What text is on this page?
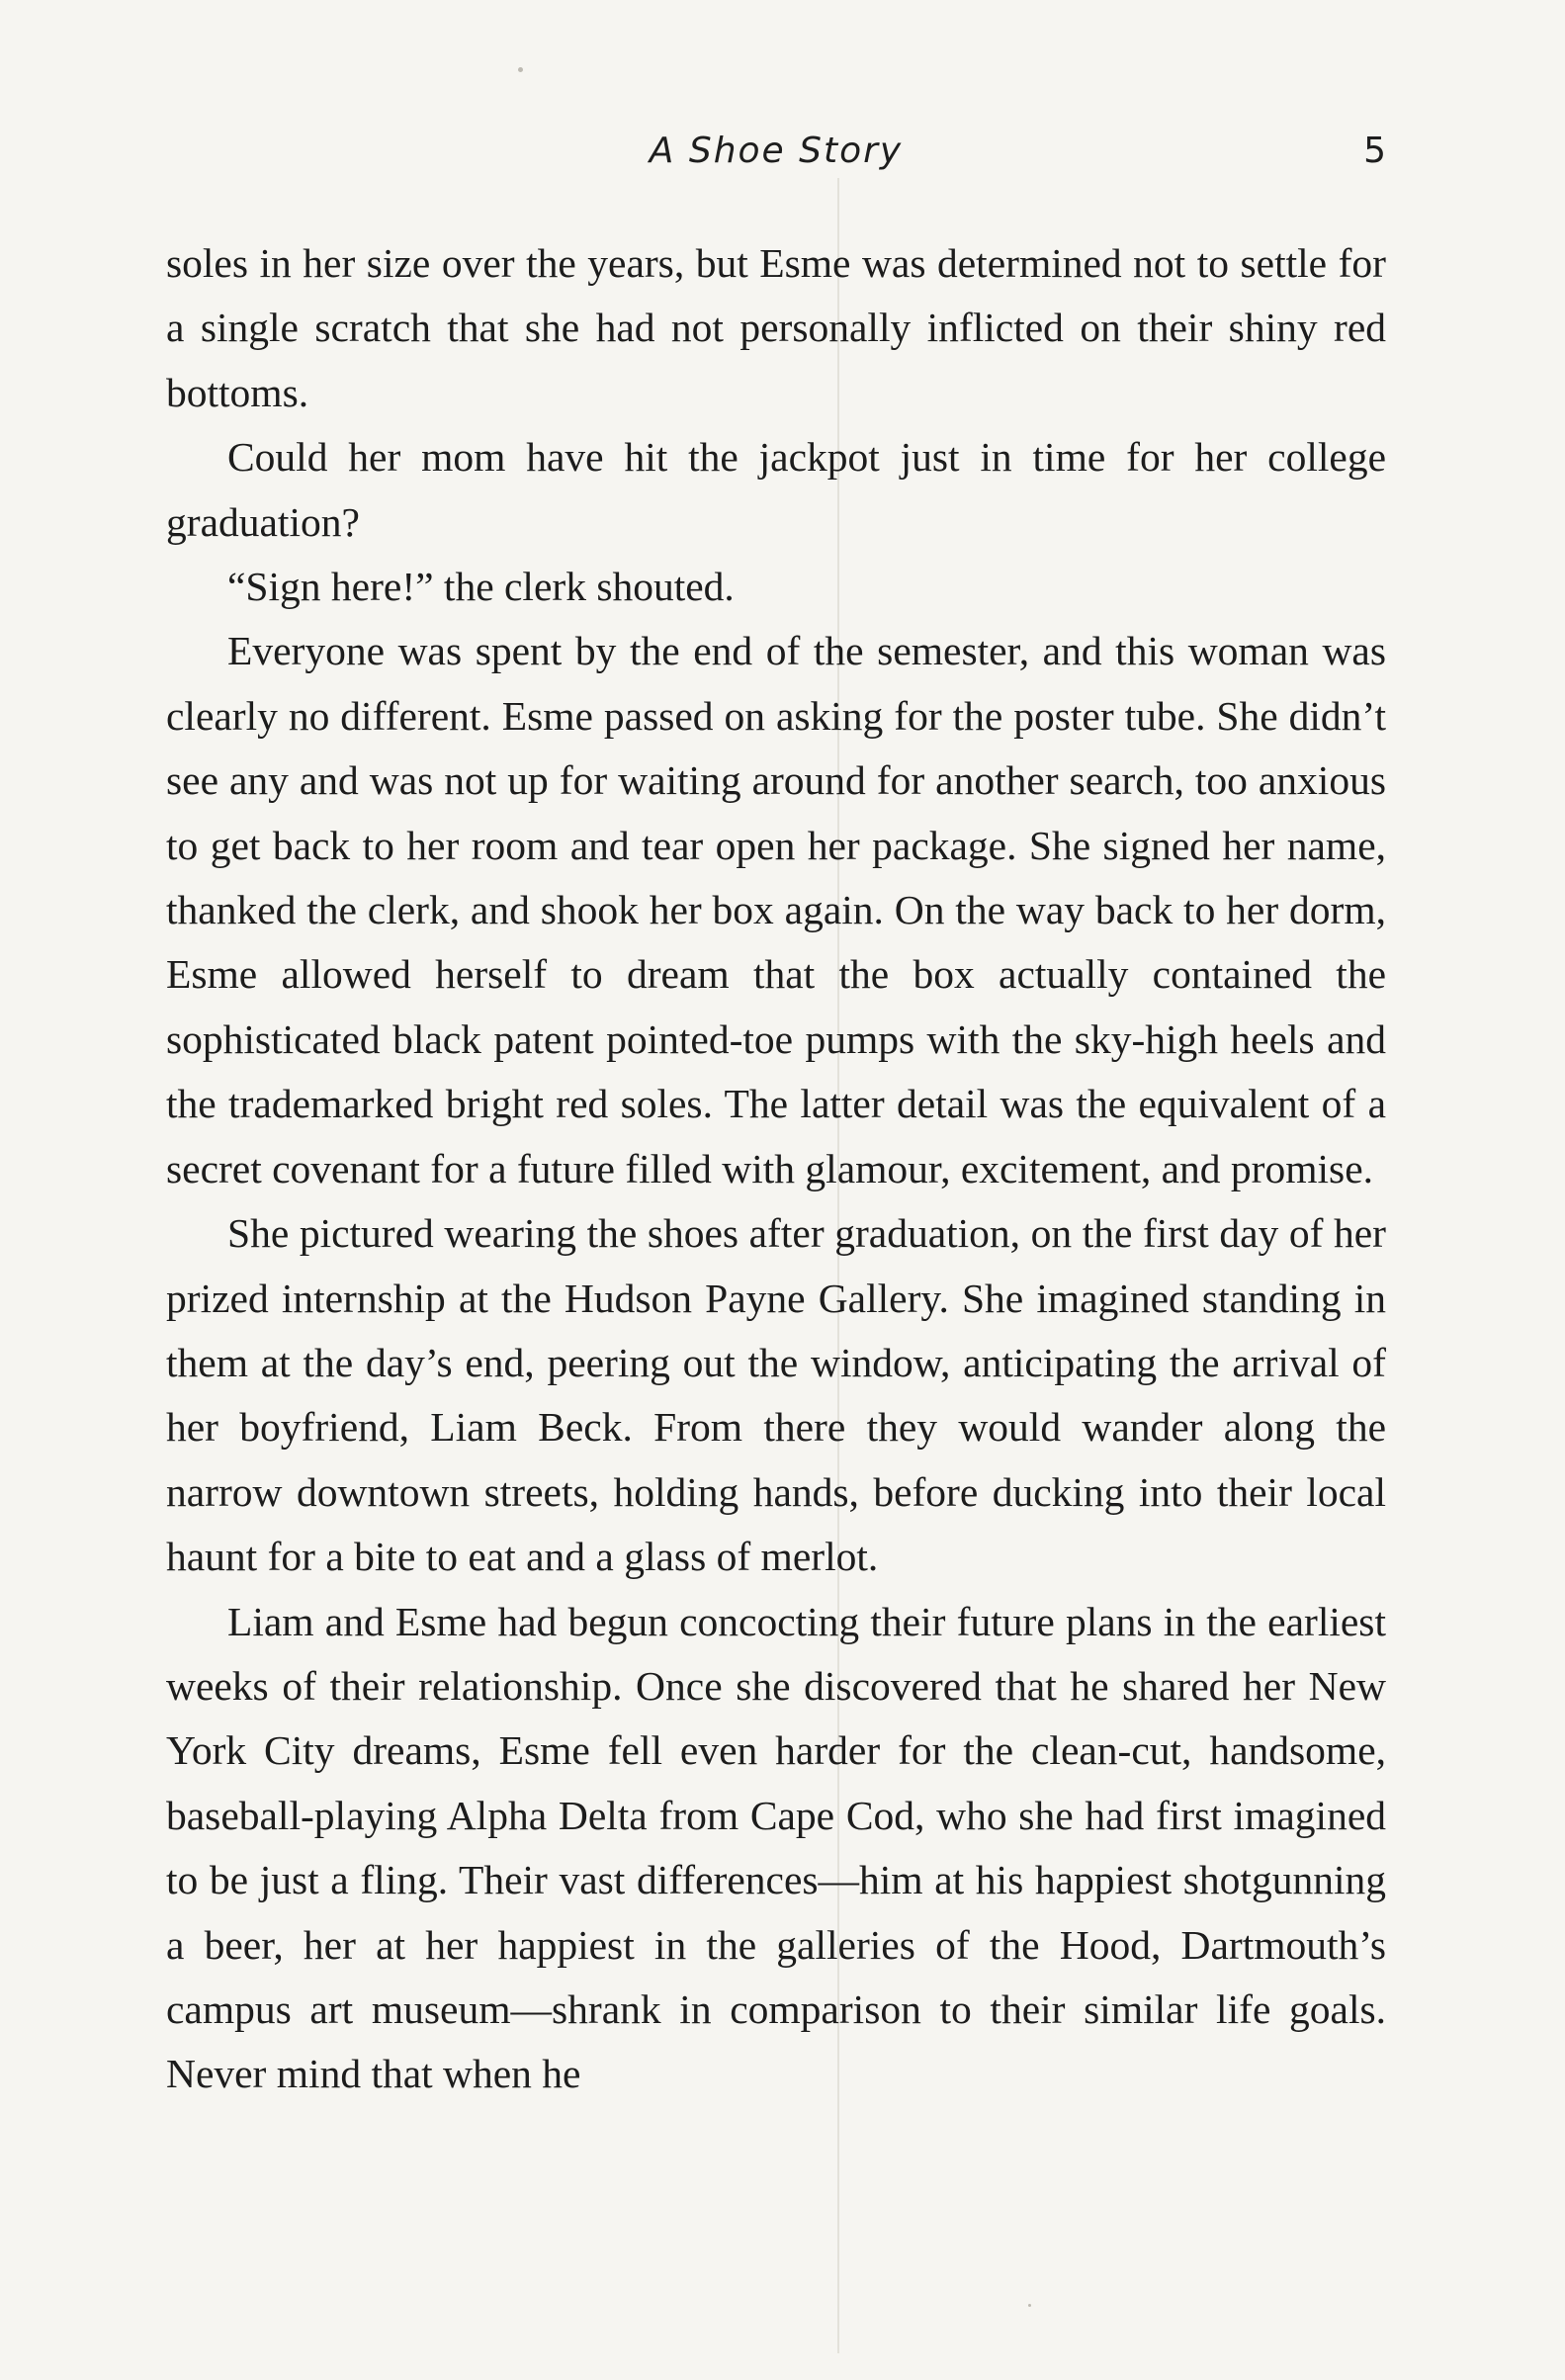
A Shoe Story	5

soles in her size over the years, but Esme was determined not to settle for a single scratch that she had not personally inflicted on their shiny red bottoms.

Could her mom have hit the jackpot just in time for her college graduation?

“Sign here!” the clerk shouted.

Everyone was spent by the end of the semester, and this woman was clearly no different. Esme passed on asking for the poster tube. She didn’t see any and was not up for waiting around for another search, too anxious to get back to her room and tear open her package. She signed her name, thanked the clerk, and shook her box again. On the way back to her dorm, Esme allowed herself to dream that the box actually contained the sophisticated black patent pointed-toe pumps with the sky-high heels and the trademarked bright red soles. The latter detail was the equivalent of a secret covenant for a future filled with glamour, excitement, and promise.

She pictured wearing the shoes after graduation, on the first day of her prized internship at the Hudson Payne Gallery. She imagined standing in them at the day’s end, peering out the window, anticipating the arrival of her boyfriend, Liam Beck. From there they would wander along the narrow downtown streets, holding hands, before ducking into their local haunt for a bite to eat and a glass of merlot.

Liam and Esme had begun concocting their future plans in the earliest weeks of their relationship. Once she discovered that he shared her New York City dreams, Esme fell even harder for the clean-cut, handsome, baseball-playing Alpha Delta from Cape Cod, who she had first imagined to be just a fling. Their vast differences—him at his happiest shotgunning a beer, her at her happiest in the galleries of the Hood, Dartmouth’s campus art museum—shrank in comparison to their similar life goals. Never mind that when he
